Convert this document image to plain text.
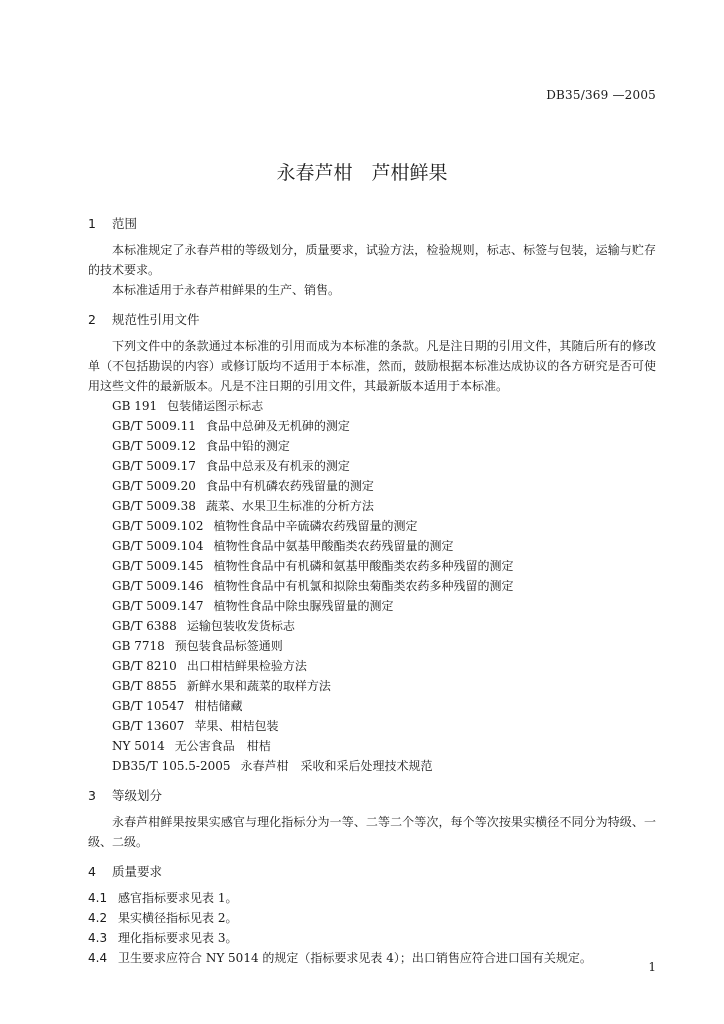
DB35/369 —2005
永春芦柑　芦柑鲜果

1 范围

本标准规定了永春芦柑的等级划分，质量要求，试验方法，检验规则，标志、标签与包装，运输与贮存的技术要求。

本标准适用于永春芦柑鲜果的生产、销售。

2 规范性引用文件

下列文件中的条款通过本标准的引用而成为本标准的条款。凡是注日期的引用文件，其随后所有的修改单（不包括勘误的内容）或修订版均不适用于本标准，然而，鼓励根据本标准达成协议的各方研究是否可使用这些文件的最新版本。凡是不注日期的引用文件，其最新版本适用于本标准。

GB 191 包装储运图示标志

GB/T 5009.11 食品中总砷及无机砷的测定

GB/T 5009.12 食品中铅的测定

GB/T 5009.17 食品中总汞及有机汞的测定

GB/T 5009.20 食品中有机磷农药残留量的测定

GB/T 5009.38 蔬菜、水果卫生标准的分析方法

GB/T 5009.102 植物性食品中辛硫磷农药残留量的测定

GB/T 5009.104 植物性食品中氨基甲酸酯类农药残留量的测定

GB/T 5009.145 植物性食品中有机磷和氨基甲酸酯类农药多种残留的测定

GB/T 5009.146 植物性食品中有机氯和拟除虫菊酯类农药多种残留的测定

GB/T 5009.147 植物性食品中除虫脲残留量的测定

GB/T 6388 运输包装收发货标志

GB 7718 预包装食品标签通则

GB/T 8210 出口柑桔鲜果检验方法

GB/T 8855 新鲜水果和蔬菜的取样方法

GB/T 10547 柑桔储藏

GB/T 13607 苹果、柑桔包装

NY 5014 无公害食品　柑桔

DB35/T 105.5-2005 永春芦柑　采收和采后处理技术规范

3 等级划分

永春芦柑鲜果按果实感官与理化指标分为一等、二等二个等次，每个等次按果实横径不同分为特级、一级、二级。

4 质量要求

4.1 感官指标要求见表 1。

4.2 果实横径指标见表 2。

4.3 理化指标要求见表 3。

4.4 卫生要求应符合 NY 5014 的规定（指标要求见表 4）；出口销售应符合进口国有关规定。

1
